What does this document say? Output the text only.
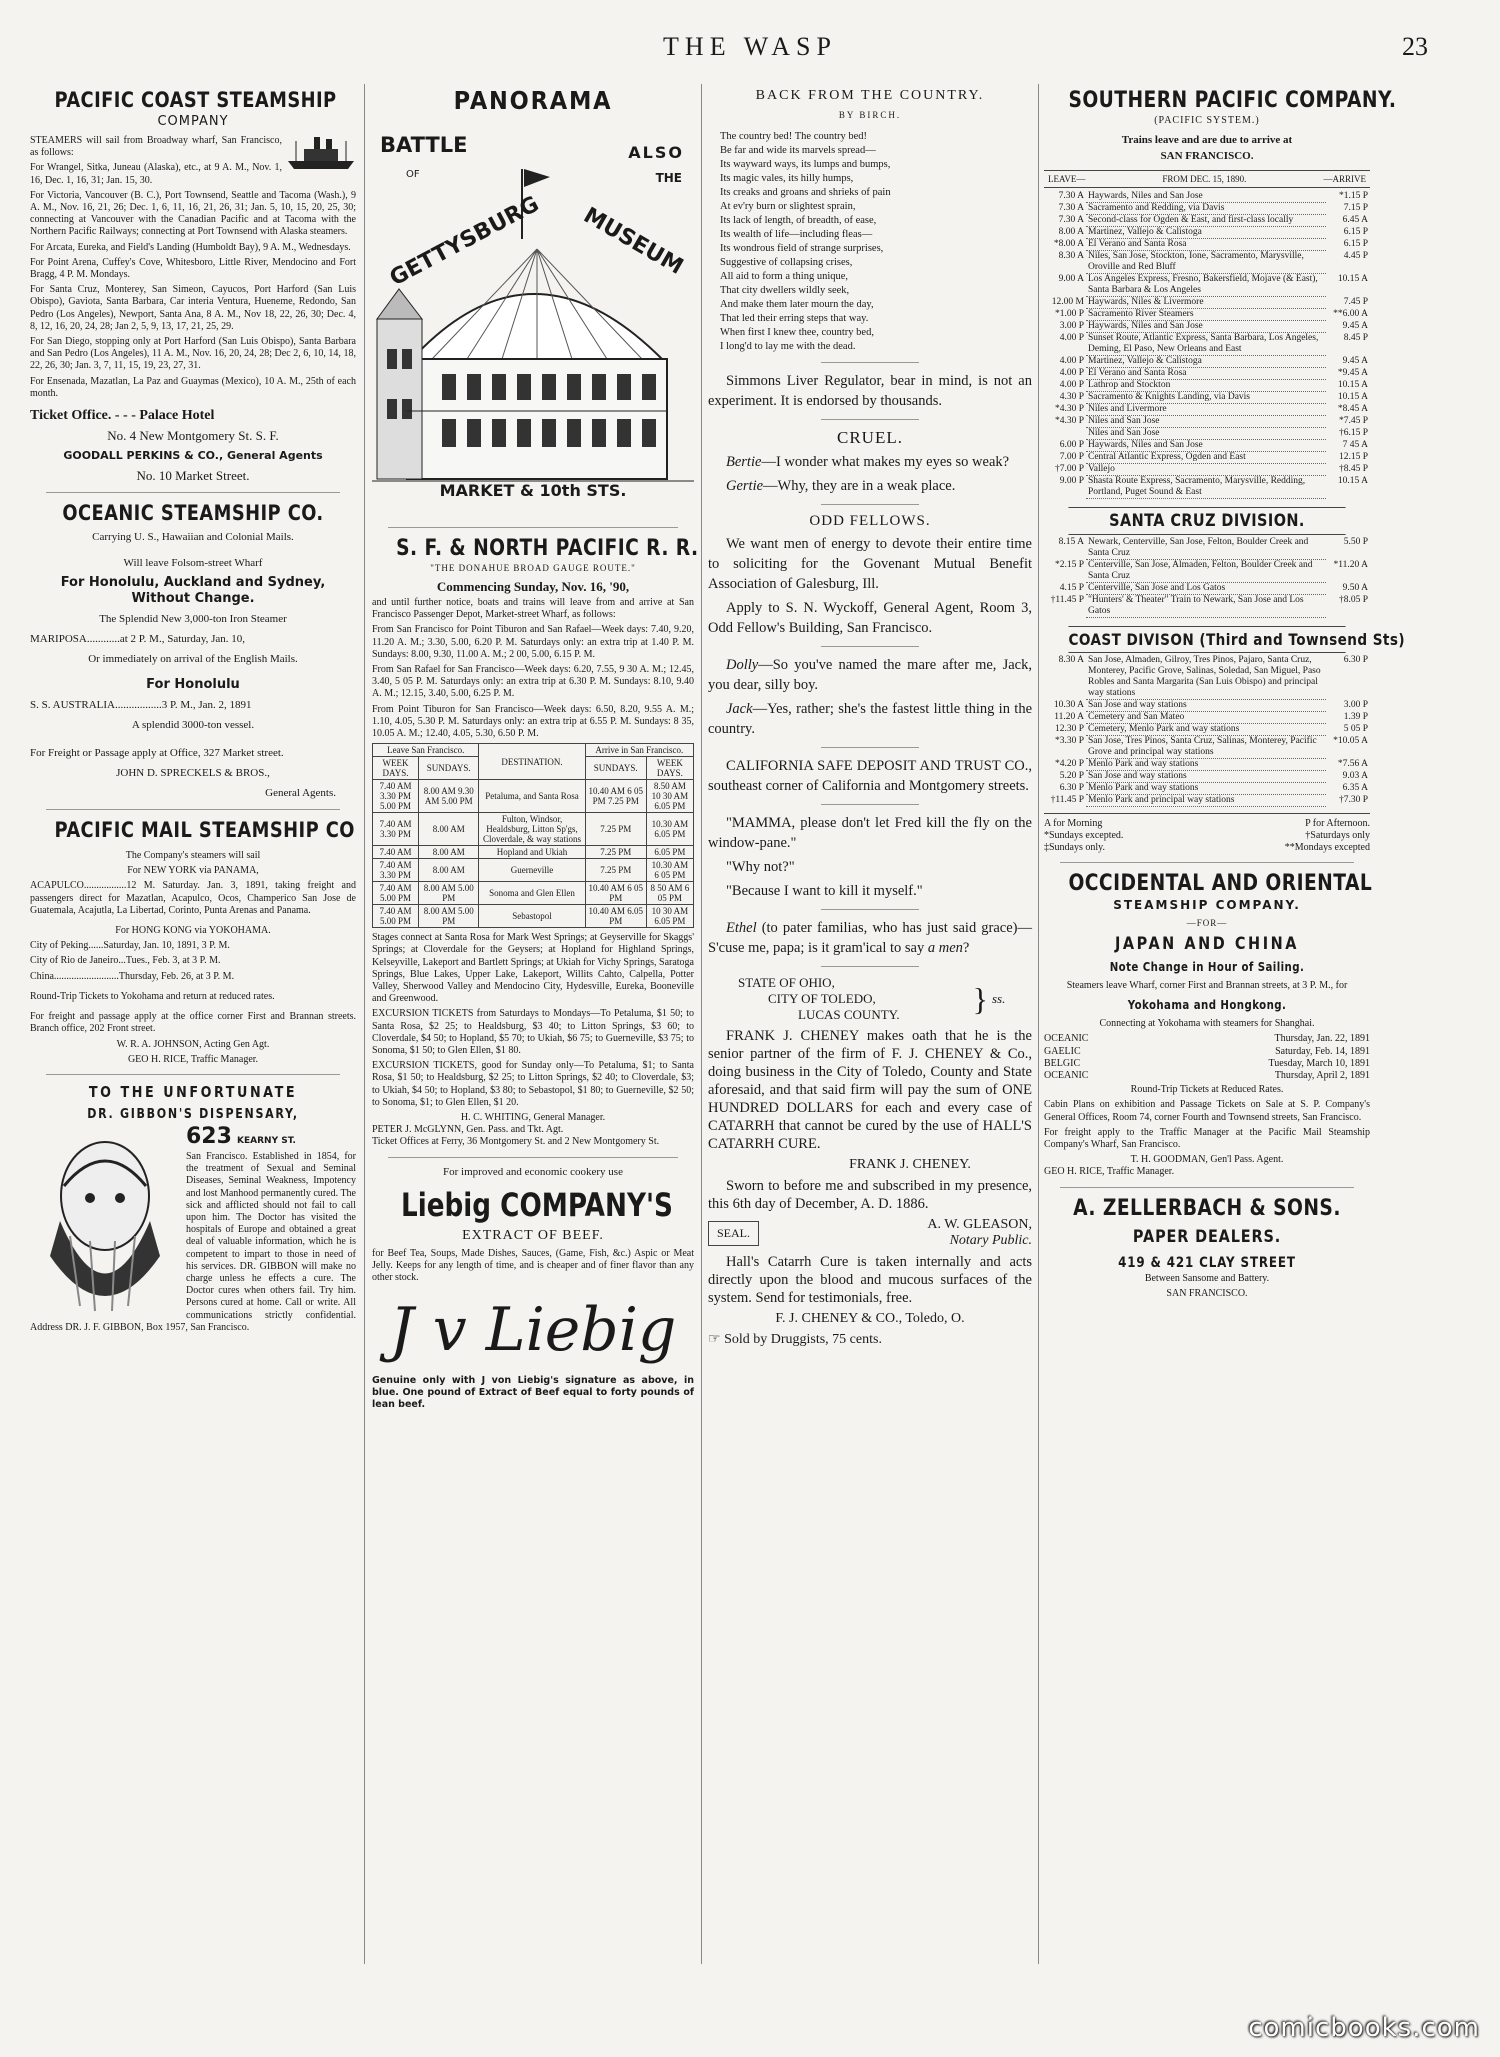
THE WASP	23
PACIFIC COAST STEAMSHIP
COMPANY

STEAMERS will sail from Broadway wharf, San Francisco, as follows:

For Wrangel, Sitka, Juneau (Alaska), etc., at 9 A. M., Nov. 1, 16, Dec. 1, 16, 31; Jan. 15, 30.

For Victoria, Vancouver (B. C.), Port Townsend, Seattle and Tacoma (Wash.), 9 A. M., Nov. 16, 21, 26; Dec. 1, 6, 11, 16, 21, 26, 31; Jan. 5, 10, 15, 20, 25, 30; connecting at Vancouver with the Canadian Pacific and at Tacoma with the Northern Pacific Railways; connecting at Port Townsend with Alaska steamers.

For Arcata, Eureka, and Field's Landing (Humboldt Bay), 9 A. M., Wednesdays.

For Point Arena, Cuffey's Cove, Whitesboro, Little River, Mendocino and Fort Bragg, 4 P. M. Mondays.

For Santa Cruz, Monterey, San Simeon, Cayucos, Port Harford (San Luis Obispo), Gaviota, Santa Barbara, Car interia Ventura, Hueneme, Redondo, San Pedro (Los Angeles), Newport, Santa Ana, 8 A. M., Nov 18, 22, 26, 30; Dec. 4, 8, 12, 16, 20, 24, 28; Jan 2, 5, 9, 13, 17, 21, 25, 29.

For San Diego, stopping only at Port Harford (San Luis Obispo), Santa Barbara and San Pedro (Los Angeles), 11 A. M., Nov. 16, 20, 24, 28; Dec 2, 6, 10, 14, 18, 22, 26, 30; Jan. 3, 7, 11, 15, 19, 23, 27, 31.

For Ensenada, Mazatlan, La Paz and Guaymas (Mexico), 10 A. M., 25th of each month.

Ticket Office. - - - Palace Hotel
No. 4 New Montgomery St. S. F.
GOODALL PERKINS & CO., General Agents
No. 10 Market Street.
OCEANIC STEAMSHIP CO.
Carrying U. S., Hawaiian and Colonial Mails.
Will leave Folsom-street Wharf
For Honolulu, Auckland and Sydney, Without Change.
The Splendid New 3,000-ton Iron Steamer
MARIPOSA............at 2 P. M., Saturday, Jan. 10,
Or immediately on arrival of the English Mails.
For Honolulu
S. S. AUSTRALIA.................3 P. M., Jan. 2, 1891
A splendid 3000-ton vessel.
For Freight or Passage apply at Office, 327 Market street.
JOHN D. SPRECKELS & BROS.,
General Agents.
PACIFIC MAIL STEAMSHIP CO

The Company's steamers will sail

For NEW YORK via PANAMA,

ACAPULCO.................12 M. Saturday. Jan. 3, 1891, taking freight and passengers direct for Mazatlan, Acapulco, Ocos, Champerico San Jose de Guatemala, Acajutla, La Libertad, Corinto, Punta Arenas and Panama.

For HONG KONG via YOKOHAMA.

City of Peking......Saturday, Jan. 10, 1891, 3 P. M.

City of Rio de Janeiro...Tues., Feb. 3, at 3 P. M.

China..........................Thursday, Feb. 26, at 3 P. M.

Round-Trip Tickets to Yokohama and return at reduced rates.

For freight and passage apply at the office corner First and Brannan streets. Branch office, 202 Front street.

W. R. A. JOHNSON, Acting Gen Agt.

GEO H. RICE, Traffic Manager.

TO THE UNFORTUNATE
DR. GIBBON'S DISPENSARY,
623 KEARNY ST.

San Francisco. Established in 1854, for the treatment of Sexual and Seminal Diseases, Seminal Weakness, Impotency and lost Manhood permanently cured. The sick and afflicted should not fail to call upon him. The Doctor has visited the hospitals of Europe and obtained a great deal of valuable information, which he is competent to impart to those in need of his services. DR. GIBBON will make no charge unless he effects a cure. The Doctor cures when others fail. Try him. Persons cured at home. Call or write. All communications strictly confidential. Address DR. J. F. GIBBON, Box 1957, San Francisco.

PANORAMA
BATTLE
OF
ALSO
THE
GETTYSBURG MUSEUM
MARKET & 10th STS.
S. F. & NORTH PACIFIC R. R.
"THE DONAHUE BROAD GAUGE ROUTE."
Commencing Sunday, Nov. 16, '90,

and until further notice, boats and trains will leave from and arrive at San Francisco Passenger Depot, Market-street Wharf, as follows:

From San Francisco for Point Tiburon and San Rafael—Week days: 7.40, 9.20, 11.20 A. M.; 3.30, 5.00, 6.20 P. M. Saturdays only: an extra trip at 1.40 P. M. Sundays: 8.00, 9.30, 11.00 A. M.; 2 00, 5.00, 6.15 P. M.

From San Rafael for San Francisco—Week days: 6.20, 7.55, 9 30 A. M.; 12.45, 3.40, 5 05 P. M. Saturdays only: an extra trip at 6.30 P. M. Sundays: 8.10, 9.40 A. M.; 12.15, 3.40, 5.00, 6.25 P. M.

From Point Tiburon for San Francisco—Week days: 6.50, 8.20, 9.55 A. M.; 1.10, 4.05, 5.30 P. M. Saturdays only: an extra trip at 6.55 P. M. Sundays: 8 35, 10.05 A. M.; 12.40, 4.05, 5.30, 6.50 P. M.

Leave San Francisco.		DESTINATION.	Arrive in San Francisco.	
WEEK DAYS.	SUNDAYS.		SUNDAYS.	WEEK DAYS.
7.40 AM 3.30 PM 5.00 PM	8.00 AM 9.30 AM 5.00 PM	Petaluma, and Santa Rosa	10.40 AM 6 05 PM 7.25 PM	8.50 AM 10 30 AM 6.05 PM
7.40 AM 3.30 PM	8.00 AM	Fulton, Windsor, Healdsburg, Litton Sp'gs, Cloverdale, & way stations	7.25 PM	10.30 AM 6.05 PM
7.40 AM	8.00 AM	Hopland and Ukiah	7.25 PM	6.05 PM
7.40 AM 3.30 PM	8.00 AM	Guerneville	7.25 PM	10.30 AM 6 05 PM
7.40 AM 5.00 PM	8.00 AM 5.00 PM	Sonoma and Glen Ellen	10.40 AM 6 05 PM	8 50 AM 6 05 PM
7.40 AM 5.00 PM	8.00 AM 5.00 PM	Sebastopol	10.40 AM 6.05 PM	10 30 AM 6.05 PM

Stages connect at Santa Rosa for Mark West Springs; at Geyserville for Skaggs' Springs; at Cloverdale for the Geysers; at Hopland for Highland Springs, Kelseyville, Lakeport and Bartlett Springs; at Ukiah for Vichy Springs, Saratoga Springs, Blue Lakes, Upper Lake, Lakeport, Willits Cahto, Calpella, Potter Valley, Sherwood Valley and Mendocino City, Hydesville, Eureka, Booneville and Greenwood.

EXCURSION TICKETS from Saturdays to Mondays—To Petaluma, $1 50; to Santa Rosa, $2 25; to Healdsburg, $3 40; to Litton Springs, $3 60; to Cloverdale, $4 50; to Hopland, $5 70; to Ukiah, $6 75; to Guerneville, $3 75; to Sonoma, $1 50; to Glen Ellen, $1 80.

EXCURSION TICKETS, good for Sunday only—To Petaluma, $1; to Santa Rosa, $1 50; to Healdsburg, $2 25; to Litton Springs, $2 40; to Cloverdale, $3; to Ukiah, $4 50; to Hopland, $3 80; to Sebastopol, $1 80; to Guerneville, $2 50; to Sonoma, $1; to Glen Ellen, $1 20.

H. C. WHITING, General Manager.

PETER J. McGLYNN, Gen. Pass. and Tkt. Agt.

Ticket Offices at Ferry, 36 Montgomery St. and 2 New Montgomery St.

For improved and economic cookery use

Liebig COMPANY'S
EXTRACT OF BEEF.

for Beef Tea, Soups, Made Dishes, Sauces, (Game, Fish, &c.) Aspic or Meat Jelly. Keeps for any length of time, and is cheaper and of finer flavor than any other stock.

J v Liebig

Genuine only with J von Liebig's signature as above, in blue. One pound of Extract of Beef equal to forty pounds of lean beef.

BACK FROM THE COUNTRY.
BY BIRCH.

The country bed! The country bed!

Be far and wide its marvels spread—

Its wayward ways, its lumps and bumps,

Its magic vales, its hilly humps,

Its creaks and groans and shrieks of pain

At ev'ry burn or slightest sprain,

Its lack of length, of breadth, of ease,

Its wealth of life—including fleas—

Its wondrous field of strange surprises,

Suggestive of collapsing crises,

All aid to form a thing unique,

That city dwellers wildly seek,

And make them later mourn the day,

That led their erring steps that way.

When first I knew thee, country bed,

I long'd to lay me with the dead.

Simmons Liver Regulator, bear in mind, is not an experiment. It is endorsed by thousands.

CRUEL.

Bertie—I wonder what makes my eyes so weak?

Gertie—Why, they are in a weak place.

ODD FELLOWS.

We want men of energy to devote their entire time to soliciting for the Govenant Mutual Benefit Association of Galesburg, Ill.

Apply to S. N. Wyckoff, General Agent, Room 3, Odd Fellow's Building, San Francisco.

Dolly—So you've named the mare after me, Jack, you dear, silly boy.

Jack—Yes, rather; she's the fastest little thing in the country.

CALIFORNIA SAFE DEPOSIT AND TRUST CO., southeast corner of California and Montgomery streets.

"MAMMA, please don't let Fred kill the fly on the window-pane."

"Why not?"

"Because I want to kill it myself."

Ethel (to pater familias, who has just said grace)—S'cuse me, papa; is it gram'ical to say a men?

STATE OF OHIO,
CITY OF TOLEDO,
LUCAS COUNTY.	} ss.

FRANK J. CHENEY makes oath that he is the senior partner of the firm of F. J. CHENEY & Co., doing business in the City of Toledo, County and State aforesaid, and that said firm will pay the sum of ONE HUNDRED DOLLARS for each and every case of CATARRH that cannot be cured by the use of HALL'S CATARRH CURE.

FRANK J. CHENEY.

Sworn to before me and subscribed in my presence, this 6th day of December, A. D. 1886.

SEAL.
A. W. GLEASON,
Notary Public.

Hall's Catarrh Cure is taken internally and acts directly upon the blood and mucous surfaces of the system. Send for testimonials, free.

F. J. CHENEY & CO., Toledo, O.
☞ Sold by Druggists, 75 cents.
SOUTHERN PACIFIC COMPANY.
(PACIFIC SYSTEM.)
Trains leave and are due to arrive at
SAN FRANCISCO.
LEAVE—	FROM DEC. 15, 1890.	—ARRIVE
7.30 A	Haywards, Niles and San Jose	*1.15 P
7.30 A	Sacramento and Redding, via Davis	7.15 P
7.30 A	Second-class for Ogden & East, and first-class locally	6.45 A
8.00 A	Martinez, Vallejo & Calistoga	6.15 P
*8.00 A	El Verano and Santa Rosa	6.15 P
8.30 A	Niles, San Jose, Stockton, Ione, Sacramento, Marysville, Oroville and Red Bluff	4.45 P
9.00 A	Los Angeles Express, Fresno, Bakersfield, Mojave (& East), Santa Barbara & Los Angeles	10.15 A
12.00 M	Haywards, Niles & Livermore	7.45 P
*1.00 P	Sacramento River Steamers	**6.00 A
3.00 P	Haywards, Niles and San Jose	9.45 A
4.00 P	Sunset Route, Atlantic Express, Santa Barbara, Los Angeles, Deming, El Paso, New Orleans and East	8.45 P
4.00 P	Martinez, Vallejo & Calistoga	9.45 A
4.00 P	El Verano and Santa Rosa	*9.45 A
4.00 P	Lathrop and Stockton	10.15 A
4.30 P	Sacramento & Knights Landing, via Davis	10.15 A
*4.30 P	Niles and Livermore	*8.45 A
*4.30 P	Niles and San Jose	*7.45 P
	Niles and San Jose	†6.15 P
6.00 P	Haywards, Niles and San Jose	7 45 A
7.00 P	Central Atlantic Express, Ogden and East	12.15 P
†7.00 P	Vallejo	†8.45 P
9.00 P	Shasta Route Express, Sacramento, Marysville, Redding, Portland, Puget Sound & East	10.15 A
SANTA CRUZ DIVISION.
8.15 A	Newark, Centerville, San Jose, Felton, Boulder Creek and Santa Cruz	5.50 P
*2.15 P	Centerville, San Jose, Almaden, Felton, Boulder Creek and Santa Cruz	*11.20 A
4.15 P	Centerville, San Jose and Los Gatos	9.50 A
†11.45 P	"Hunters' & Theater" Train to Newark, San Jose and Los Gatos	†8.05 P
COAST DIVISON (Third and Townsend Sts)
8.30 A	San Jose, Almaden, Gilroy, Tres Pinos, Pajaro, Santa Cruz, Monterey, Pacific Grove, Salinas, Soledad, San Miguel, Paso Robles and Santa Margarita (San Luis Obispo) and principal way stations	6.30 P
10.30 A	San Jose and way stations	3.00 P
11.20 A	Cemetery and San Mateo	1.39 P
12.30 P	Cemetery, Menlo Park and way stations	5 05 P
*3.30 P	San Jose, Tres Pinos, Santa Cruz, Salinas, Monterey, Pacific Grove and principal way stations	*10.05 A
*4.20 P	Menlo Park and way stations	*7.56 A
5.20 P	San Jose and way stations	9.03 A
6.30 P	Menlo Park and way stations	6.35 A
†11.45 P	Menlo Park and principal way stations	†7.30 P
A for Morning	P for Afternoon.
*Sundays excepted.	†Saturdays only
‡Sundays only.	**Mondays excepted
OCCIDENTAL AND ORIENTAL
STEAMSHIP COMPANY.
—FOR—
JAPAN AND CHINA
Note Change in Hour of Sailing.

Steamers leave Wharf, corner First and Brannan streets, at 3 P. M., for

Yokohama and Hongkong.

Connecting at Yokohama with steamers for Shanghai.

OCEANIC	Thursday, Jan. 22, 1891
GAELIC	Saturday, Feb. 14, 1891
BELGIC	Tuesday, March 10, 1891
OCEANIC	Thursday, April 2, 1891

Round-Trip Tickets at Reduced Rates.

Cabin Plans on exhibition and Passage Tickets on Sale at S. P. Company's General Offices, Room 74, corner Fourth and Townsend streets, San Francisco.

For freight apply to the Traffic Manager at the Pacific Mail Steamship Company's Wharf, San Francisco.

T. H. GOODMAN, Gen'l Pass. Agent.

GEO H. RICE, Traffic Manager.

A. ZELLERBACH & SONS.
PAPER DEALERS.
419 & 421 CLAY STREET
Between Sansome and Battery.
SAN FRANCISCO.
comicbooks.com
